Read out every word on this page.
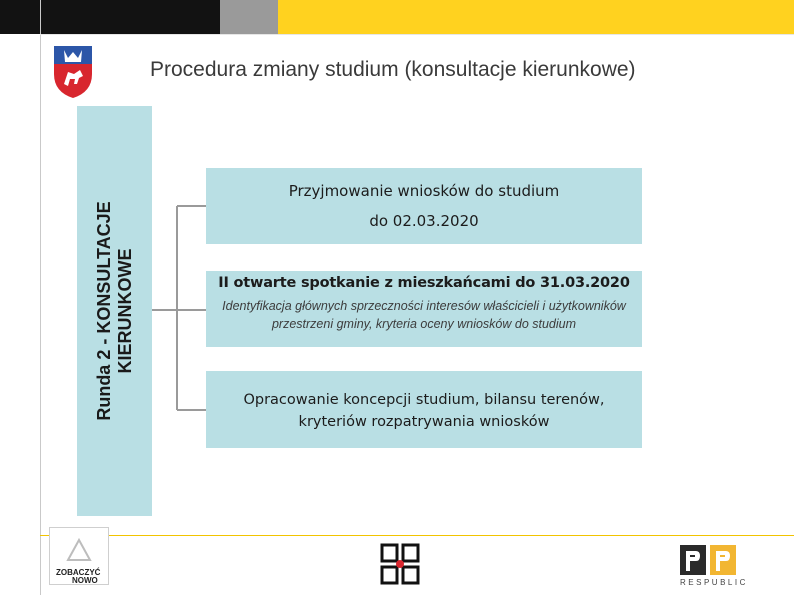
Procedura zmiany studium (konsultacje kierunkowe)
Runda 2 - KONSULTACJE KIERUNKOWE
Przyjmowanie wniosków do studium
do 02.03.2020
II otwarte spotkanie z mieszkańcami do 31.03.2020
Identyfikacja głównych sprzeczności interesów właścicieli i użytkowników przestrzeni gminy, kryteria oceny wniosków do studium
Opracowanie koncepcji studium, bilansu terenów,
kryteriów rozpatrywania wniosków
ZOBACZYĆ
NOWO	RESPUBLIC
